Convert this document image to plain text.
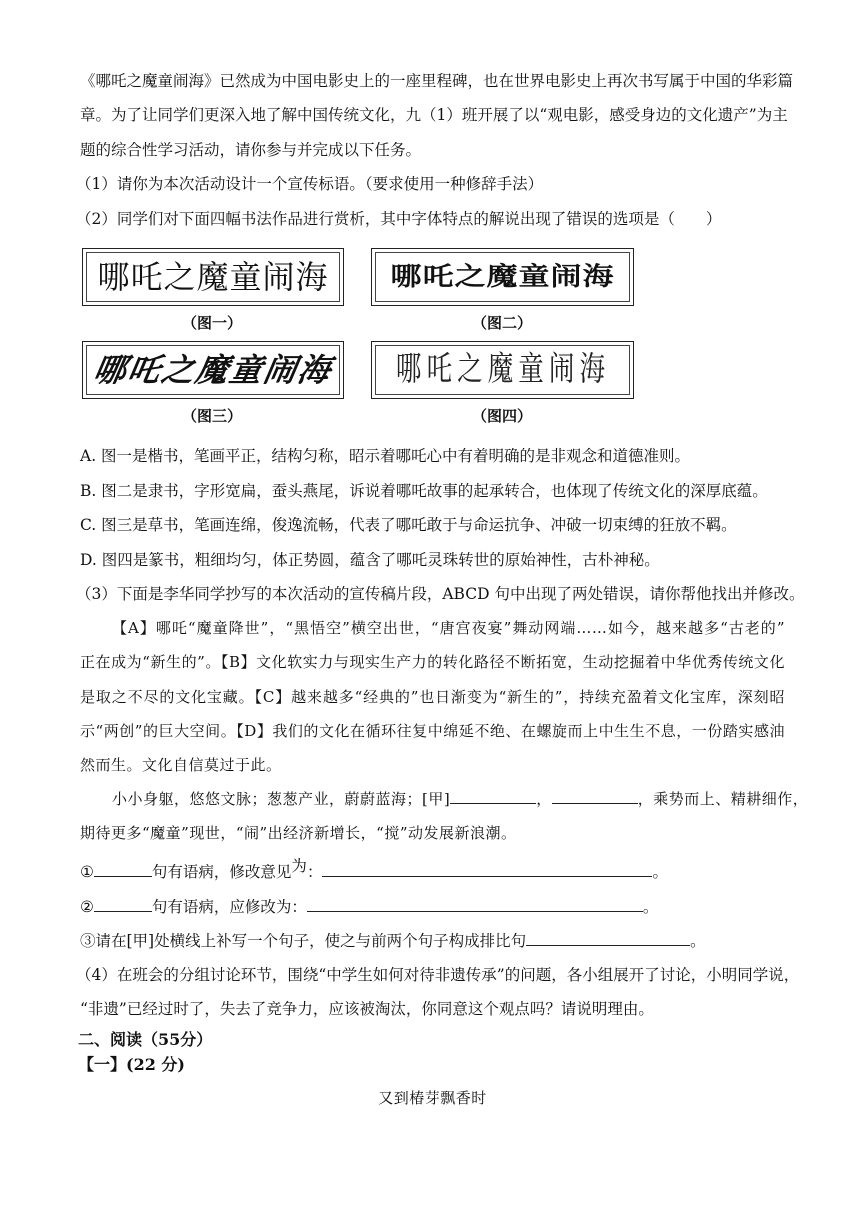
《哪吒之魔童闹海》已然成为中国电影史上的一座里程碑，也在世界电影史上再次书写属于中国的华彩篇
章。为了让同学们更深入地了解中国传统文化，九（1）班开展了以“观电影，感受身边的文化遗产”为主
题的综合性学习活动，请你参与并完成以下任务。
（1）请你为本次活动设计一个宣传标语。（要求使用一种修辞手法）
（2）同学们对下面四幅书法作品进行赏析，其中字体特点的解说出现了错误的选项是（　　）
哪吒之魔童闹海
（图一）
哪吒之魔童闹海
（图二）
哪吒之魔童闹海
（图三）
哪吒之魔童闹海
（图四）
A. 图一是楷书，笔画平正，结构匀称，昭示着哪吒心中有着明确的是非观念和道德准则。
B. 图二是隶书，字形宽扁，蚕头燕尾，诉说着哪吒故事的起承转合，也体现了传统文化的深厚底蕴。
C. 图三是草书，笔画连绵，俊逸流畅，代表了哪吒敢于与命运抗争、冲破一切束缚的狂放不羁。
D. 图四是篆书，粗细均匀，体正势圆，蕴含了哪吒灵珠转世的原始神性，古朴神秘。
（3）下面是李华同学抄写的本次活动的宣传稿片段，ABCD 句中出现了两处错误，请你帮他找出并修改。
【A】哪吒“魔童降世”，“黑悟空”横空出世，“唐宫夜宴”舞动网端……如今，越来越多“古老的”
正在成为“新生的”。【B】文化软实力与现实生产力的转化路径不断拓宽，生动挖掘着中华优秀传统文化
是取之不尽的文化宝藏。【C】越来越多“经典的”也日渐变为“新生的”，持续充盈着文化宝库，深刻昭
示“两创”的巨大空间。【D】我们的文化在循环往复中绵延不绝、在螺旋而上中生生不息，一份踏实感油
然而生。文化自信莫过于此。
小小身躯，悠悠文脉；葱葱产业，蔚蔚蓝海；[甲]	，	，乘势而上、精耕细作，
期待更多“魔童”现世，“闹”出经济新增长，“搅”动发展新浪潮。
①	句有语病，修改意见为：	。
②	句有语病，应修改为：	。
③请在[甲]处横线上补写一个句子，使之与前两个句子构成排比句	。
（4）在班会的分组讨论环节，围绕“中学生如何对待非遗传承”的问题，各小组展开了讨论，小明同学说，
“非遗”已经过时了，失去了竞争力，应该被淘汰，你同意这个观点吗？请说明理由。
二、阅读（55分）
【一】(22 分)
又到椿芽飘香时
